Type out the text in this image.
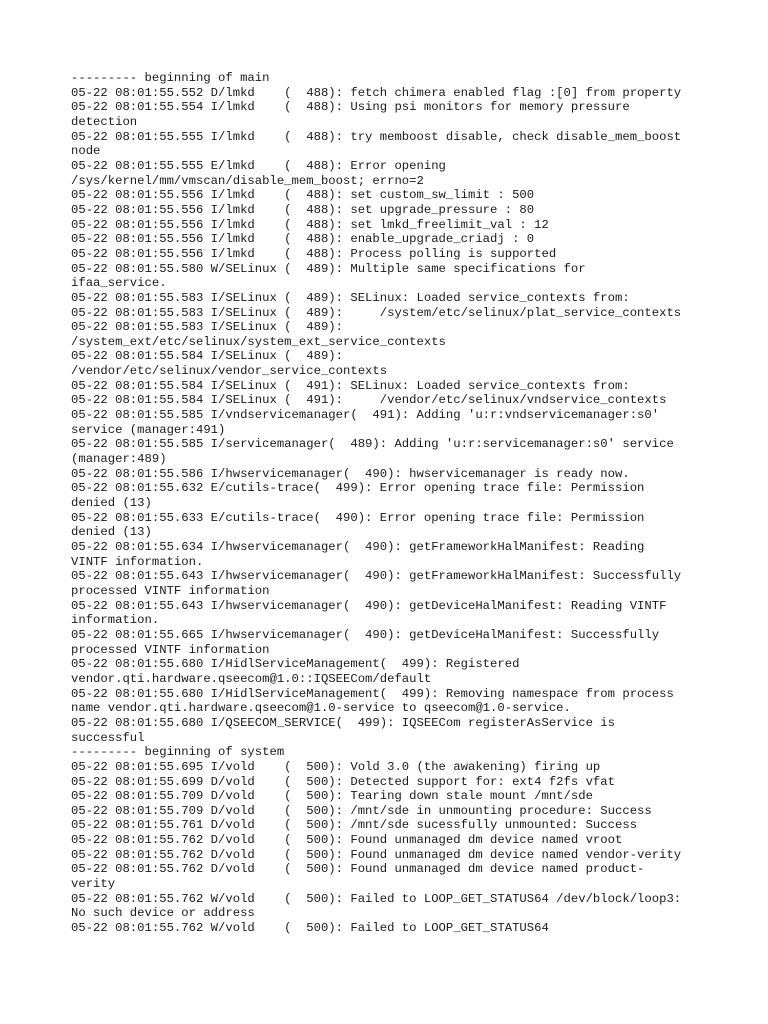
--------- beginning of main
05-22 08:01:55.552 D/lmkd    (  488): fetch chimera enabled flag :[0] from property
05-22 08:01:55.554 I/lmkd    (  488): Using psi monitors for memory pressure
detection
05-22 08:01:55.555 I/lmkd    (  488): try memboost disable, check disable_mem_boost
node
05-22 08:01:55.555 E/lmkd    (  488): Error opening
/sys/kernel/mm/vmscan/disable_mem_boost; errno=2
05-22 08:01:55.556 I/lmkd    (  488): set custom_sw_limit : 500
05-22 08:01:55.556 I/lmkd    (  488): set upgrade_pressure : 80
05-22 08:01:55.556 I/lmkd    (  488): set lmkd_freelimit_val : 12
05-22 08:01:55.556 I/lmkd    (  488): enable_upgrade_criadj : 0
05-22 08:01:55.556 I/lmkd    (  488): Process polling is supported
05-22 08:01:55.580 W/SELinux (  489): Multiple same specifications for
ifaa_service.
05-22 08:01:55.583 I/SELinux (  489): SELinux: Loaded service_contexts from:
05-22 08:01:55.583 I/SELinux (  489):     /system/etc/selinux/plat_service_contexts
05-22 08:01:55.583 I/SELinux (  489):
/system_ext/etc/selinux/system_ext_service_contexts
05-22 08:01:55.584 I/SELinux (  489):
/vendor/etc/selinux/vendor_service_contexts
05-22 08:01:55.584 I/SELinux (  491): SELinux: Loaded service_contexts from:
05-22 08:01:55.584 I/SELinux (  491):     /vendor/etc/selinux/vndservice_contexts
05-22 08:01:55.585 I/vndservicemanager(  491): Adding 'u:r:vndservicemanager:s0'
service (manager:491)
05-22 08:01:55.585 I/servicemanager(  489): Adding 'u:r:servicemanager:s0' service
(manager:489)
05-22 08:01:55.586 I/hwservicemanager(  490): hwservicemanager is ready now.
05-22 08:01:55.632 E/cutils-trace(  499): Error opening trace file: Permission
denied (13)
05-22 08:01:55.633 E/cutils-trace(  490): Error opening trace file: Permission
denied (13)
05-22 08:01:55.634 I/hwservicemanager(  490): getFrameworkHalManifest: Reading
VINTF information.
05-22 08:01:55.643 I/hwservicemanager(  490): getFrameworkHalManifest: Successfully
processed VINTF information
05-22 08:01:55.643 I/hwservicemanager(  490): getDeviceHalManifest: Reading VINTF
information.
05-22 08:01:55.665 I/hwservicemanager(  490): getDeviceHalManifest: Successfully
processed VINTF information
05-22 08:01:55.680 I/HidlServiceManagement(  499): Registered
vendor.qti.hardware.qseecom@1.0::IQSEECom/default
05-22 08:01:55.680 I/HidlServiceManagement(  499): Removing namespace from process
name vendor.qti.hardware.qseecom@1.0-service to qseecom@1.0-service.
05-22 08:01:55.680 I/QSEECOM_SERVICE(  499): IQSEECom registerAsService is
successful
--------- beginning of system
05-22 08:01:55.695 I/vold    (  500): Vold 3.0 (the awakening) firing up
05-22 08:01:55.699 D/vold    (  500): Detected support for: ext4 f2fs vfat
05-22 08:01:55.709 D/vold    (  500): Tearing down stale mount /mnt/sde
05-22 08:01:55.709 D/vold    (  500): /mnt/sde in unmounting procedure: Success
05-22 08:01:55.761 D/vold    (  500): /mnt/sde sucessfully unmounted: Success
05-22 08:01:55.762 D/vold    (  500): Found unmanaged dm device named vroot
05-22 08:01:55.762 D/vold    (  500): Found unmanaged dm device named vendor-verity
05-22 08:01:55.762 D/vold    (  500): Found unmanaged dm device named product-
verity
05-22 08:01:55.762 W/vold    (  500): Failed to LOOP_GET_STATUS64 /dev/block/loop3:
No such device or address
05-22 08:01:55.762 W/vold    (  500): Failed to LOOP_GET_STATUS64
